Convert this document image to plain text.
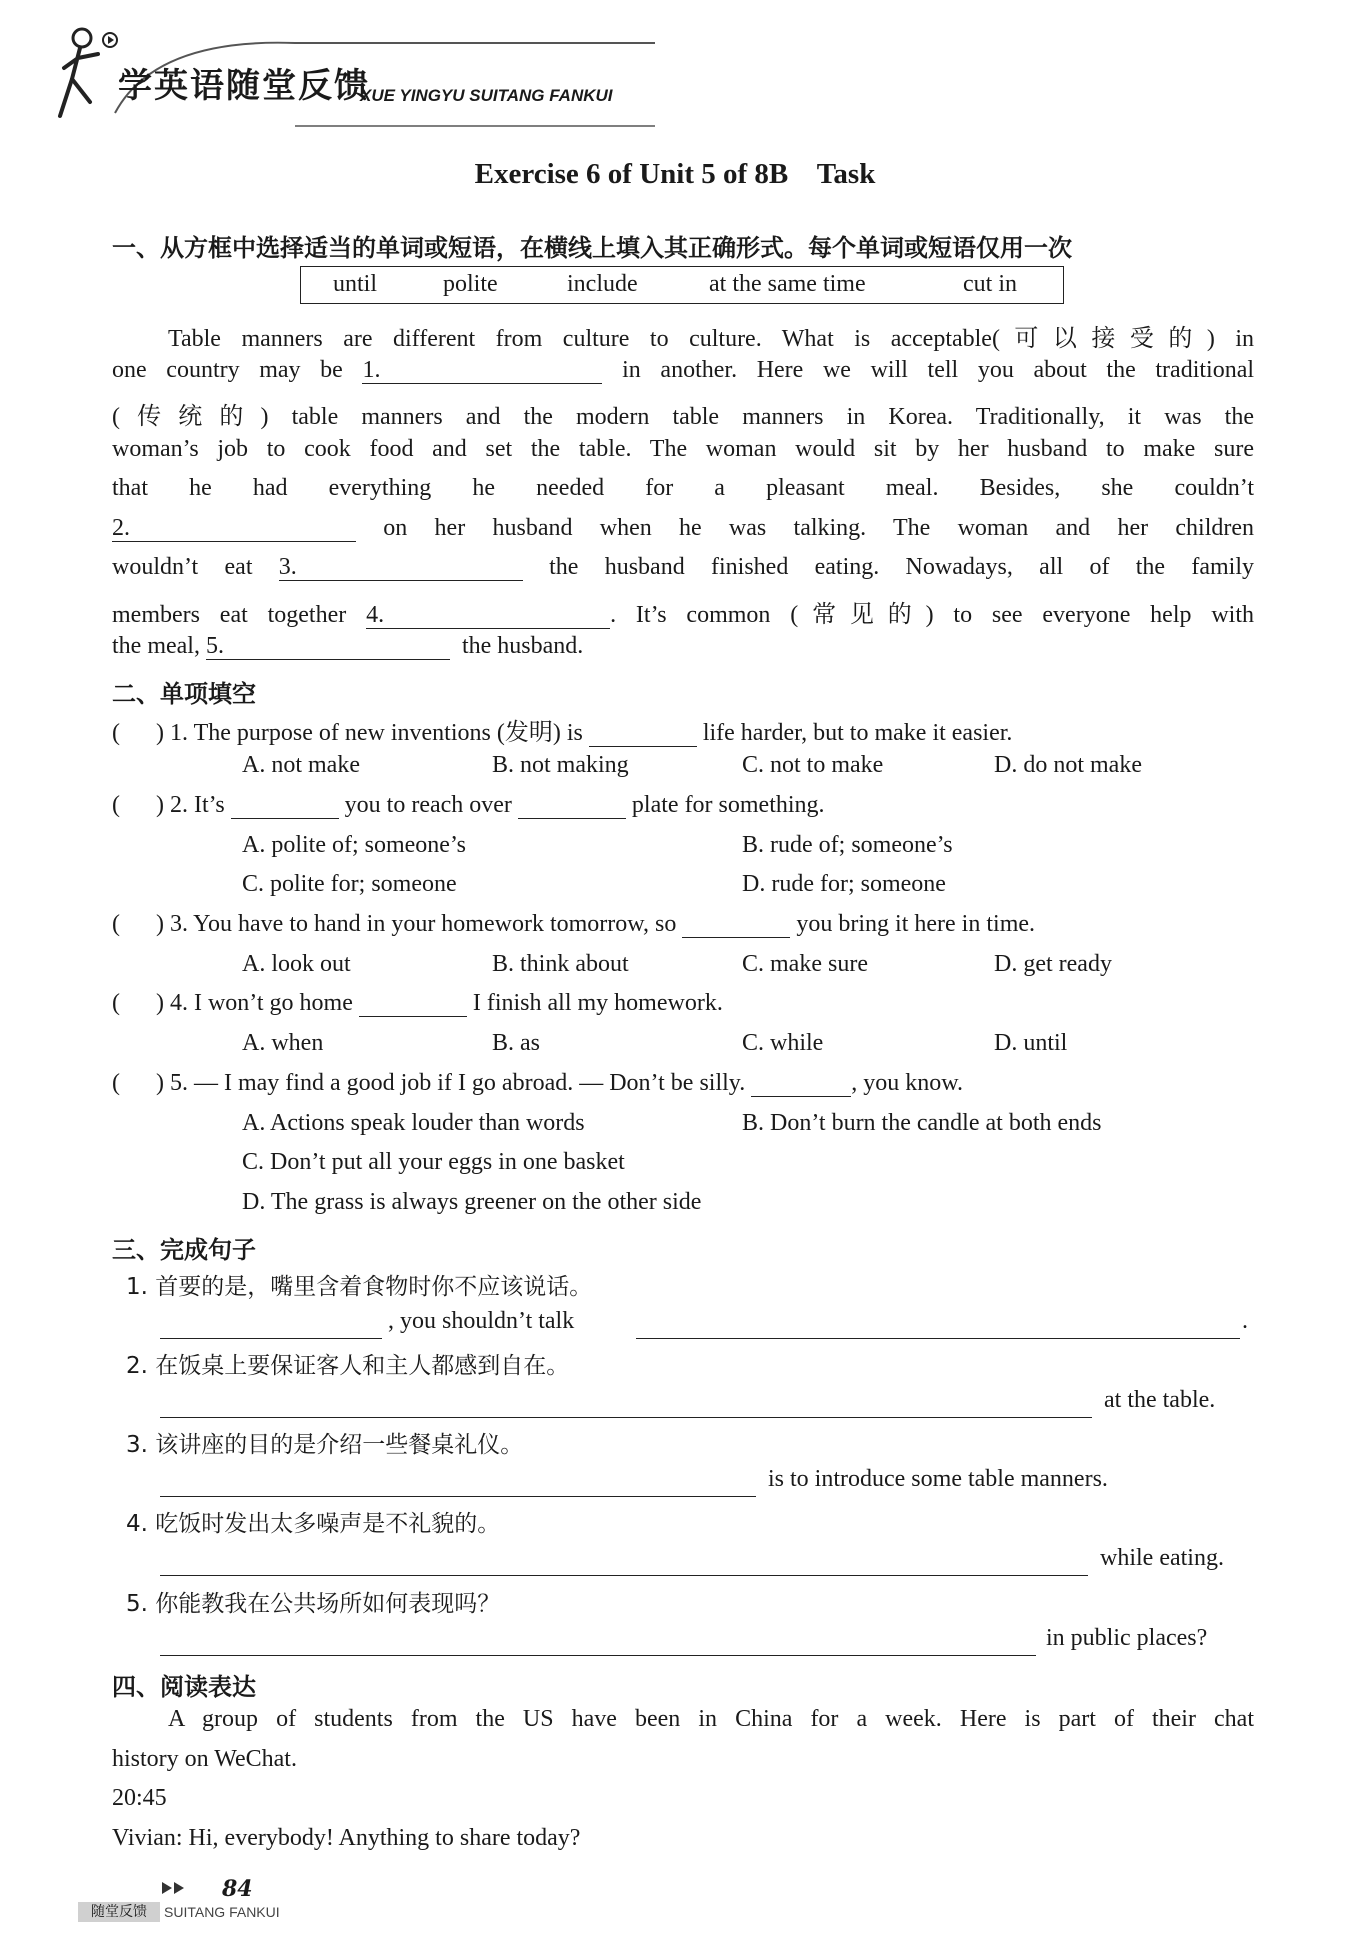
学英语随堂反馈
XUE YINGYU SUITANG FANKUI
Exercise 6 of Unit 5 of 8B    Task
一、从方框中选择适当的单词或短语，在横线上填入其正确形式。每个单词或短语仅用一次
until	polite	include	at the same time	cut in
Table manners are different from culture to culture. What is acceptable(可以接受的) in
one country may be 1.	in another. Here we will tell you about the traditional
(传统的) table manners and the modern table manners in Korea. Traditionally, it was the
woman’s job to cook food and set the table. The woman would sit by her husband to make sure
that he had everything he needed for a pleasant meal. Besides, she couldn’t
2.	on her husband when he was talking. The woman and her children
wouldn’t eat 3.	the husband finished eating. Nowadays, all of the family
members eat together 4.	. It’s common (常见的) to see everyone help with
the meal, 5.	the husband.
二、单项填空
(      ) 1. The purpose of new inventions (发明) is	life harder, but to make it easier.
A. not make	B. not making	C. not to make	D. do not make
(      ) 2. It’s	you to reach over	plate for something.
A. polite of; someone’s	B. rude of; someone’s
C. polite for; someone	D. rude for; someone
(      ) 3. You have to hand in your homework tomorrow, so	you bring it here in time.
A. look out	B. think about	C. make sure	D. get ready
(      ) 4. I won’t go home	I finish all my homework.
A. when	B. as	C. while	D. until
(      ) 5. — I may find a good job if I go abroad. — Don’t be silly.	, you know.
A. Actions speak louder than words	B. Don’t burn the candle at both ends
C. Don’t put all your eggs in one basket
D. The grass is always greener on the other side
三、完成句子
1. 首要的是，嘴里含着食物时你不应该说话。
, you shouldn’t talk	.
2. 在饭桌上要保证客人和主人都感到自在。
at the table.
3. 该讲座的目的是介绍一些餐桌礼仪。
is to introduce some table manners.
4. 吃饭时发出太多噪声是不礼貌的。
while eating.
5. 你能教我在公共场所如何表现吗？
in public places?
四、阅读表达
A group of students from the US have been in China for a week. Here is part of their chat
history on WeChat.
20:45
Vivian: Hi, everybody! Anything to share today?
84
随堂反馈	SUITANG FANKUI
